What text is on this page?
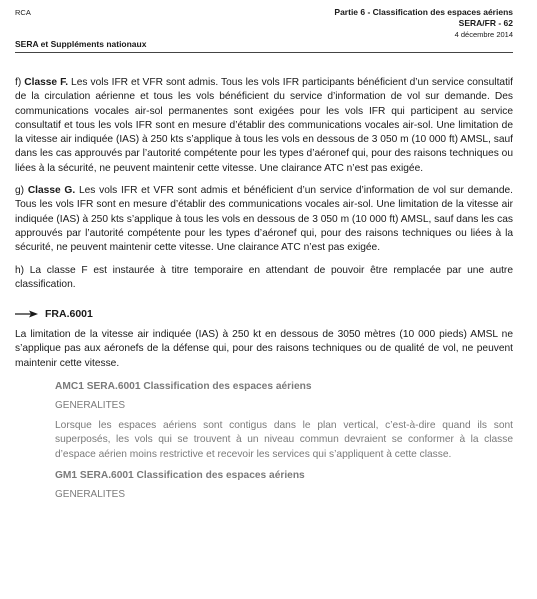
RCA
SERA et Suppléments nationaux
Partie 6 - Classification des espaces aériens
SERA/FR - 62
4 décembre 2014

f) Classe F. Les vols IFR et VFR sont admis. Tous les vols IFR participants bénéficient d’un service consultatif de la circulation aérienne et tous les vols bénéficient du service d’information de vol sur demande. Des communications vocales air-sol permanentes sont exigées pour les vols IFR qui participent au service consultatif et tous les vols IFR sont en mesure d’établir des communications vocales air-sol. Une limitation de la vitesse air indiquée (IAS) à 250 kts s’applique à tous les vols en dessous de 3 050 m (10 000 ft) AMSL, sauf dans les cas approuvés par l’autorité compétente pour les types d’aéronef qui, pour des raisons techniques ou liées à la sécurité, ne peuvent maintenir cette vitesse. Une clairance ATC n’est pas exigée.

g) Classe G. Les vols IFR et VFR sont admis et bénéficient d’un service d’information de vol sur demande. Tous les vols IFR sont en mesure d’établir des communications vocales air-sol. Une limitation de la vitesse air indiquée (IAS) à 250 kts s’applique à tous les vols en dessous de 3 050 m (10 000 ft) AMSL, sauf dans les cas approuvés par l’autorité compétente pour les types d’aéronef qui, pour des raisons techniques ou liées à la sécurité, ne peuvent maintenir cette vitesse. Une clairance ATC n’est pas exigée.

h) La classe F est instaurée à titre temporaire en attendant de pouvoir être remplacée par une autre classification.

FRA.6001

La limitation de la vitesse air indiquée (IAS) à 250 kt en dessous de 3050 mètres (10 000 pieds) AMSL ne s’applique pas aux aéronefs de la défense qui, pour des raisons techniques ou de qualité de vol, ne peuvent maintenir cette vitesse.

AMC1 SERA.6001 Classification des espaces aériens

GENERALITES

Lorsque les espaces aériens sont contigus dans le plan vertical, c’est-à-dire quand ils sont superposés, les vols qui se trouvent à un niveau commun devraient se conformer à la classe d’espace aérien moins restrictive et recevoir les services qui s’appliquent à cette classe.

GM1 SERA.6001 Classification des espaces aériens

GENERALITES
